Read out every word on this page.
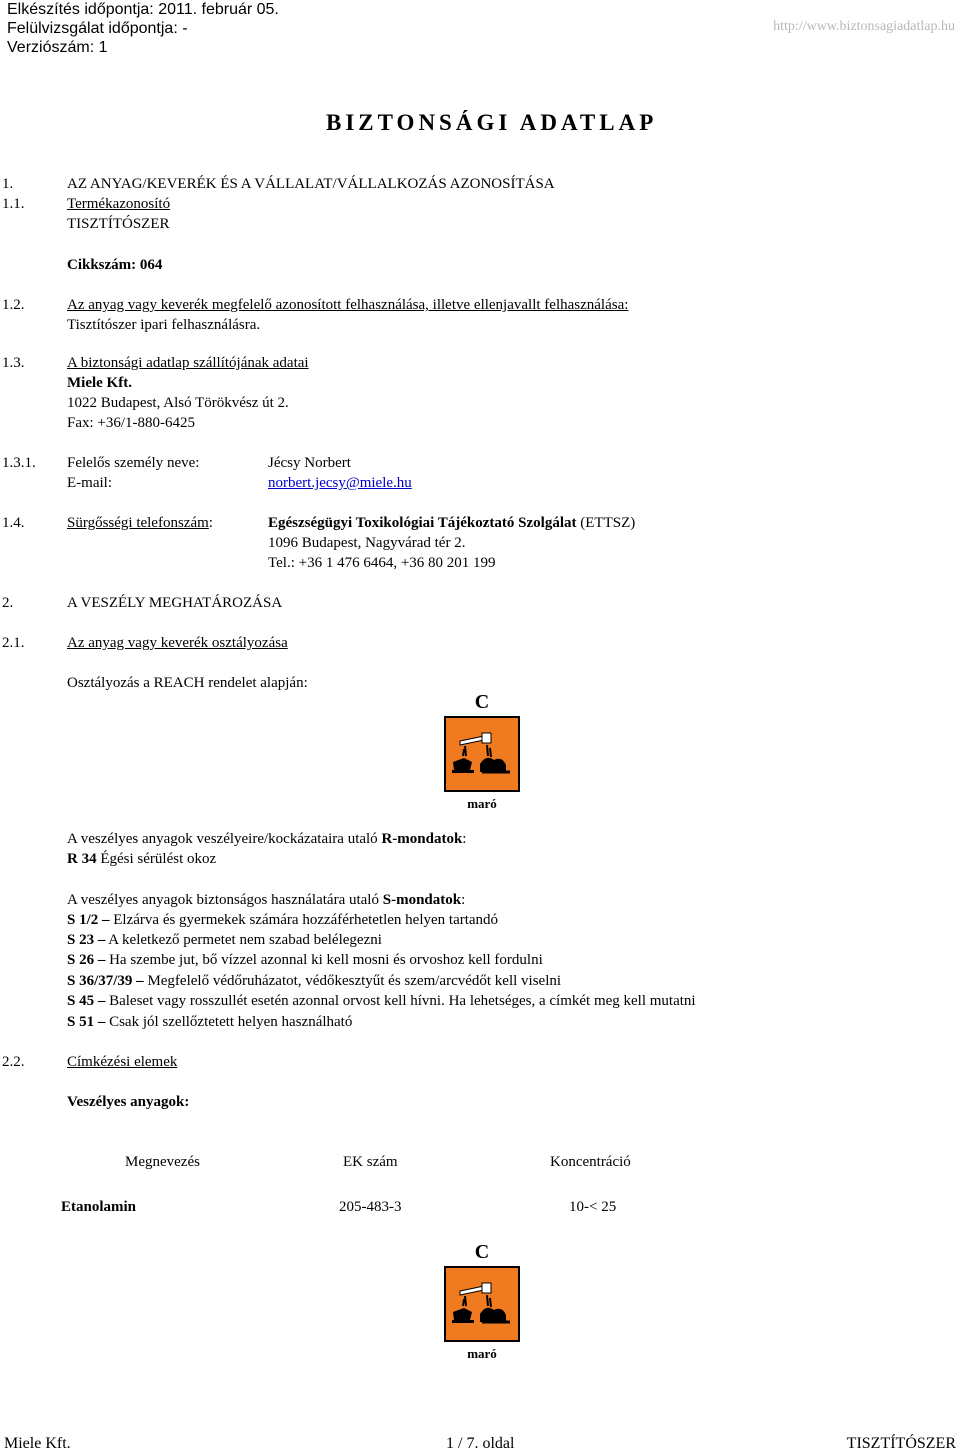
Elkészítés időpontja: 2011. február 05.
Felülvizsgálat időpontja: -
Verziószám: 1
http://www.biztonsagiadatlap.hu
BIZTONSÁGI ADATLAP
1.	AZ ANYAG/KEVERÉK ÉS A VÁLLALAT/VÁLLALKOZÁS AZONOSÍTÁSA
1.1.	Termékazonosító
TISZTÍTÓSZER
Cikkszám: 064
1.2.	Az anyag vagy keverék megfelelő azonosított felhasználása, illetve ellenjavallt felhasználása:
Tisztítószer ipari felhasználásra.
1.3.	A biztonsági adatlap szállítójának adatai
Miele Kft.
1022 Budapest, Alsó Törökvész út 2.
Fax: +36/1-880-6425
1.3.1. Felelős személy neve:	Jécsy Norbert
E-mail:	norbert.jecsy@miele.hu
1.4.	Sürgősségi telefonszám:	Egészségügyi Toxikológiai Tájékoztató Szolgálat (ETTSZ)
1096 Budapest, Nagyvárad tér 2.
Tel.: +36 1 476 6464, +36 80 201 199
2.	A VESZÉLY MEGHATÁROZÁSA
2.1.	Az anyag vagy keverék osztályozása
Osztályozás a REACH rendelet alapján:
C
maró
A veszélyes anyagok veszélyeire/kockázataira utaló R-mondatok:
R 34 Égési sérülést okoz
A veszélyes anyagok biztonságos használatára utaló S-mondatok:
S 1/2 – Elzárva és gyermekek számára hozzáférhetetlen helyen tartandó
S 23 – A keletkező permetet nem szabad belélegezni
S 26 – Ha szembe jut, bő vízzel azonnal ki kell mosni és orvoshoz kell fordulni
S 36/37/39 – Megfelelő védőruházatot, védőkesztyűt és szem/arcvédőt kell viselni
S 45 – Baleset vagy rosszullét esetén azonnal orvost kell hívni. Ha lehetséges, a címkét meg kell mutatni
S 51 – Csak jól szellőztetett helyen használható
2.2.	Címkézési elemek
Veszélyes anyagok:
Megnevezés	EK szám	Koncentráció
Etanolamin	205-483-3	10-< 25
C
maró
Miele Kft.	1 / 7. oldal	TISZTÍTÓSZER
